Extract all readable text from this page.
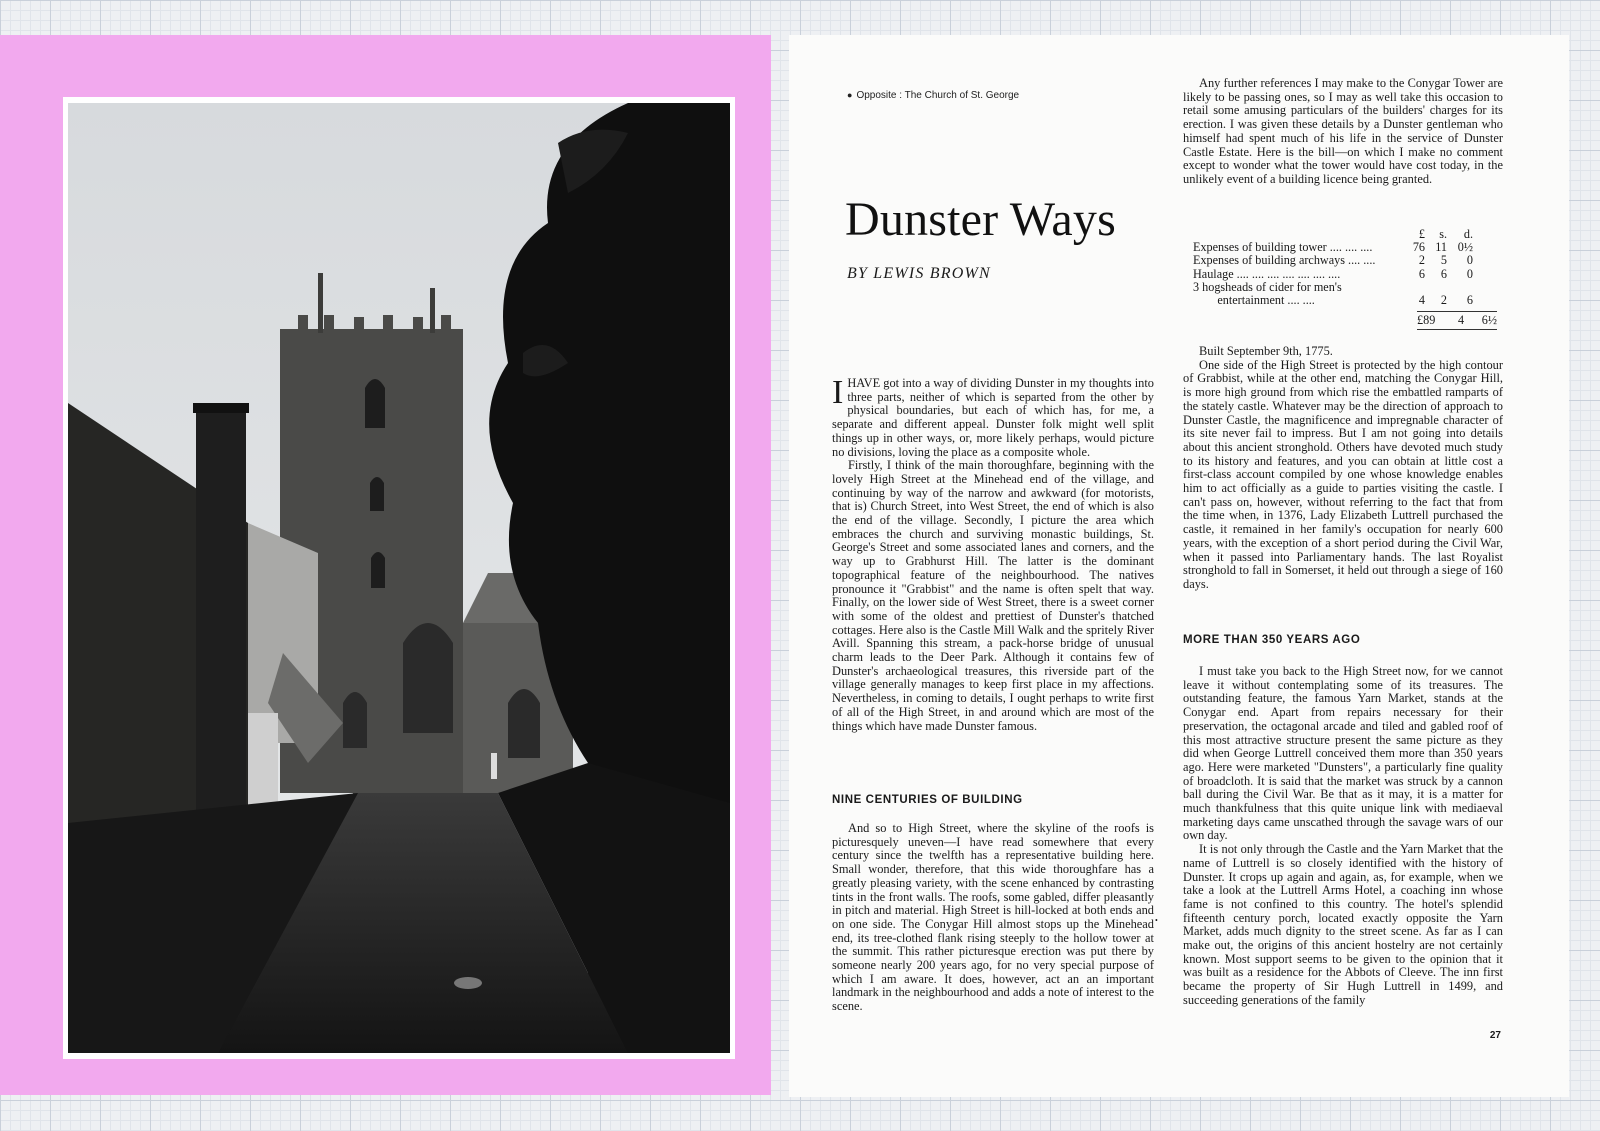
● Opposite : The Church of St. George
Dunster Ways
BY LEWIS BROWN

IHAVE got into a way of dividing Dunster in my thoughts into three parts, neither of which is separted from the other by physical boundaries, but each of which has, for me, a separate and different appeal. Dunster folk might well split things up in other ways, or, more likely perhaps, would picture no divisions, loving the place as a composite whole.

Firstly, I think of the main thoroughfare, beginning with the lovely High Street at the Minehead end of the village, and continuing by way of the narrow and awkward (for motorists, that is) Church Street, into West Street, the end of which is also the end of the village. Secondly, I picture the area which embraces the church and surviving monastic buildings, St. George's Street and some associated lanes and corners, and the way up to Grabhurst Hill. The latter is the dominant topographical feature of the neighbourhood. The natives pronounce it "Grabbist" and the name is often spelt that way. Finally, on the lower side of West Street, there is a sweet corner with some of the oldest and prettiest of Dunster's thatched cottages. Here also is the Castle Mill Walk and the spritely River Avill. Spanning this stream, a pack-horse bridge of unusual charm leads to the Deer Park. Although it contains few of Dunster's archaeological treasures, this riverside part of the village generally manages to keep first place in my affections. Nevertheless, in coming to details, I ought perhaps to write first of all of the High Street, in and around which are most of the things which have made Dunster famous.

NINE CENTURIES OF BUILDING

And so to High Street, where the skyline of the roofs is picturesquely uneven—I have read somewhere that every century since the twelfth has a representative building here. Small wonder, therefore, that this wide thoroughfare has a greatly pleasing variety, with the scene enhanced by contrasting tints in the front walls. The roofs, some gabled, differ pleasantly in pitch and material. High Street is hill-locked at both ends and on one side. The Conygar Hill almost stops up the Minehead end, its tree-clothed flank rising steeply to the hollow tower at the summit. This rather picturesque erection was put there by someone nearly 200 years ago, for no very special purpose of which I am aware. It does, however, act an an important landmark in the neighbourhood and adds a note of interest to the scene.

•

Any further references I may make to the Conygar Tower are likely to be passing ones, so I may as well take this occasion to retail some amusing particulars of the builders' charges for its erection. I was given these details by a Dunster gentleman who himself had spent much of his life in the service of Dunster Castle Estate. Here is the bill—on which I make no comment except to wonder what the tower would have cost today, in the unlikely event of a building licence being granted.

£	s.	d.
Expenses of building tower .... .... ....	76 11 0½
Expenses of building archways .... ....	2	5	0
Haulage .... .... .... .... .... .... ....	6	6	0
3 hogsheads of cider for men's
entertainment .... ....	4	2	6
£89	4	6½

Built September 9th, 1775.

One side of the High Street is protected by the high contour of Grabbist, while at the other end, matching the Conygar Hill, is more high ground from which rise the embattled ramparts of the stately castle. Whatever may be the direction of approach to Dunster Castle, the magnificence and impregnable character of its site never fail to impress. But I am not going into details about this ancient stronghold. Others have devoted much study to its history and features, and you can obtain at little cost a first-class account compiled by one whose knowledge enables him to act officially as a guide to parties visiting the castle. I can't pass on, however, without referring to the fact that from the time when, in 1376, Lady Elizabeth Luttrell purchased the castle, it remained in her family's occupation for nearly 600 years, with the exception of a short period during the Civil War, when it passed into Parliamentary hands. The last Royalist stronghold to fall in Somerset, it held out through a siege of 160 days.

MORE THAN 350 YEARS AGO

I must take you back to the High Street now, for we cannot leave it without contemplating some of its treasures. The outstanding feature, the famous Yarn Market, stands at the Conygar end. Apart from repairs necessary for their preservation, the octagonal arcade and tiled and gabled roof of this most attractive structure present the same picture as they did when George Luttrell conceived them more than 350 years ago. Here were marketed "Dunsters", a particularly fine quality of broadcloth. It is said that the market was struck by a cannon ball during the Civil War. Be that as it may, it is a matter for much thankfulness that this quite unique link with mediaeval marketing days came unscathed through the savage wars of our own day.

It is not only through the Castle and the Yarn Market that the name of Luttrell is so closely identified with the history of Dunster. It crops up again and again, as, for example, when we take a look at the Luttrell Arms Hotel, a coaching inn whose fame is not confined to this country. The hotel's splendid fifteenth century porch, located exactly opposite the Yarn Market, adds much dignity to the street scene. As far as I can make out, the origins of this ancient hostelry are not certainly known. Most support seems to be given to the opinion that it was built as a residence for the Abbots of Cleeve. The inn first became the property of Sir Hugh Luttrell in 1499, and succeeding generations of the family

27
